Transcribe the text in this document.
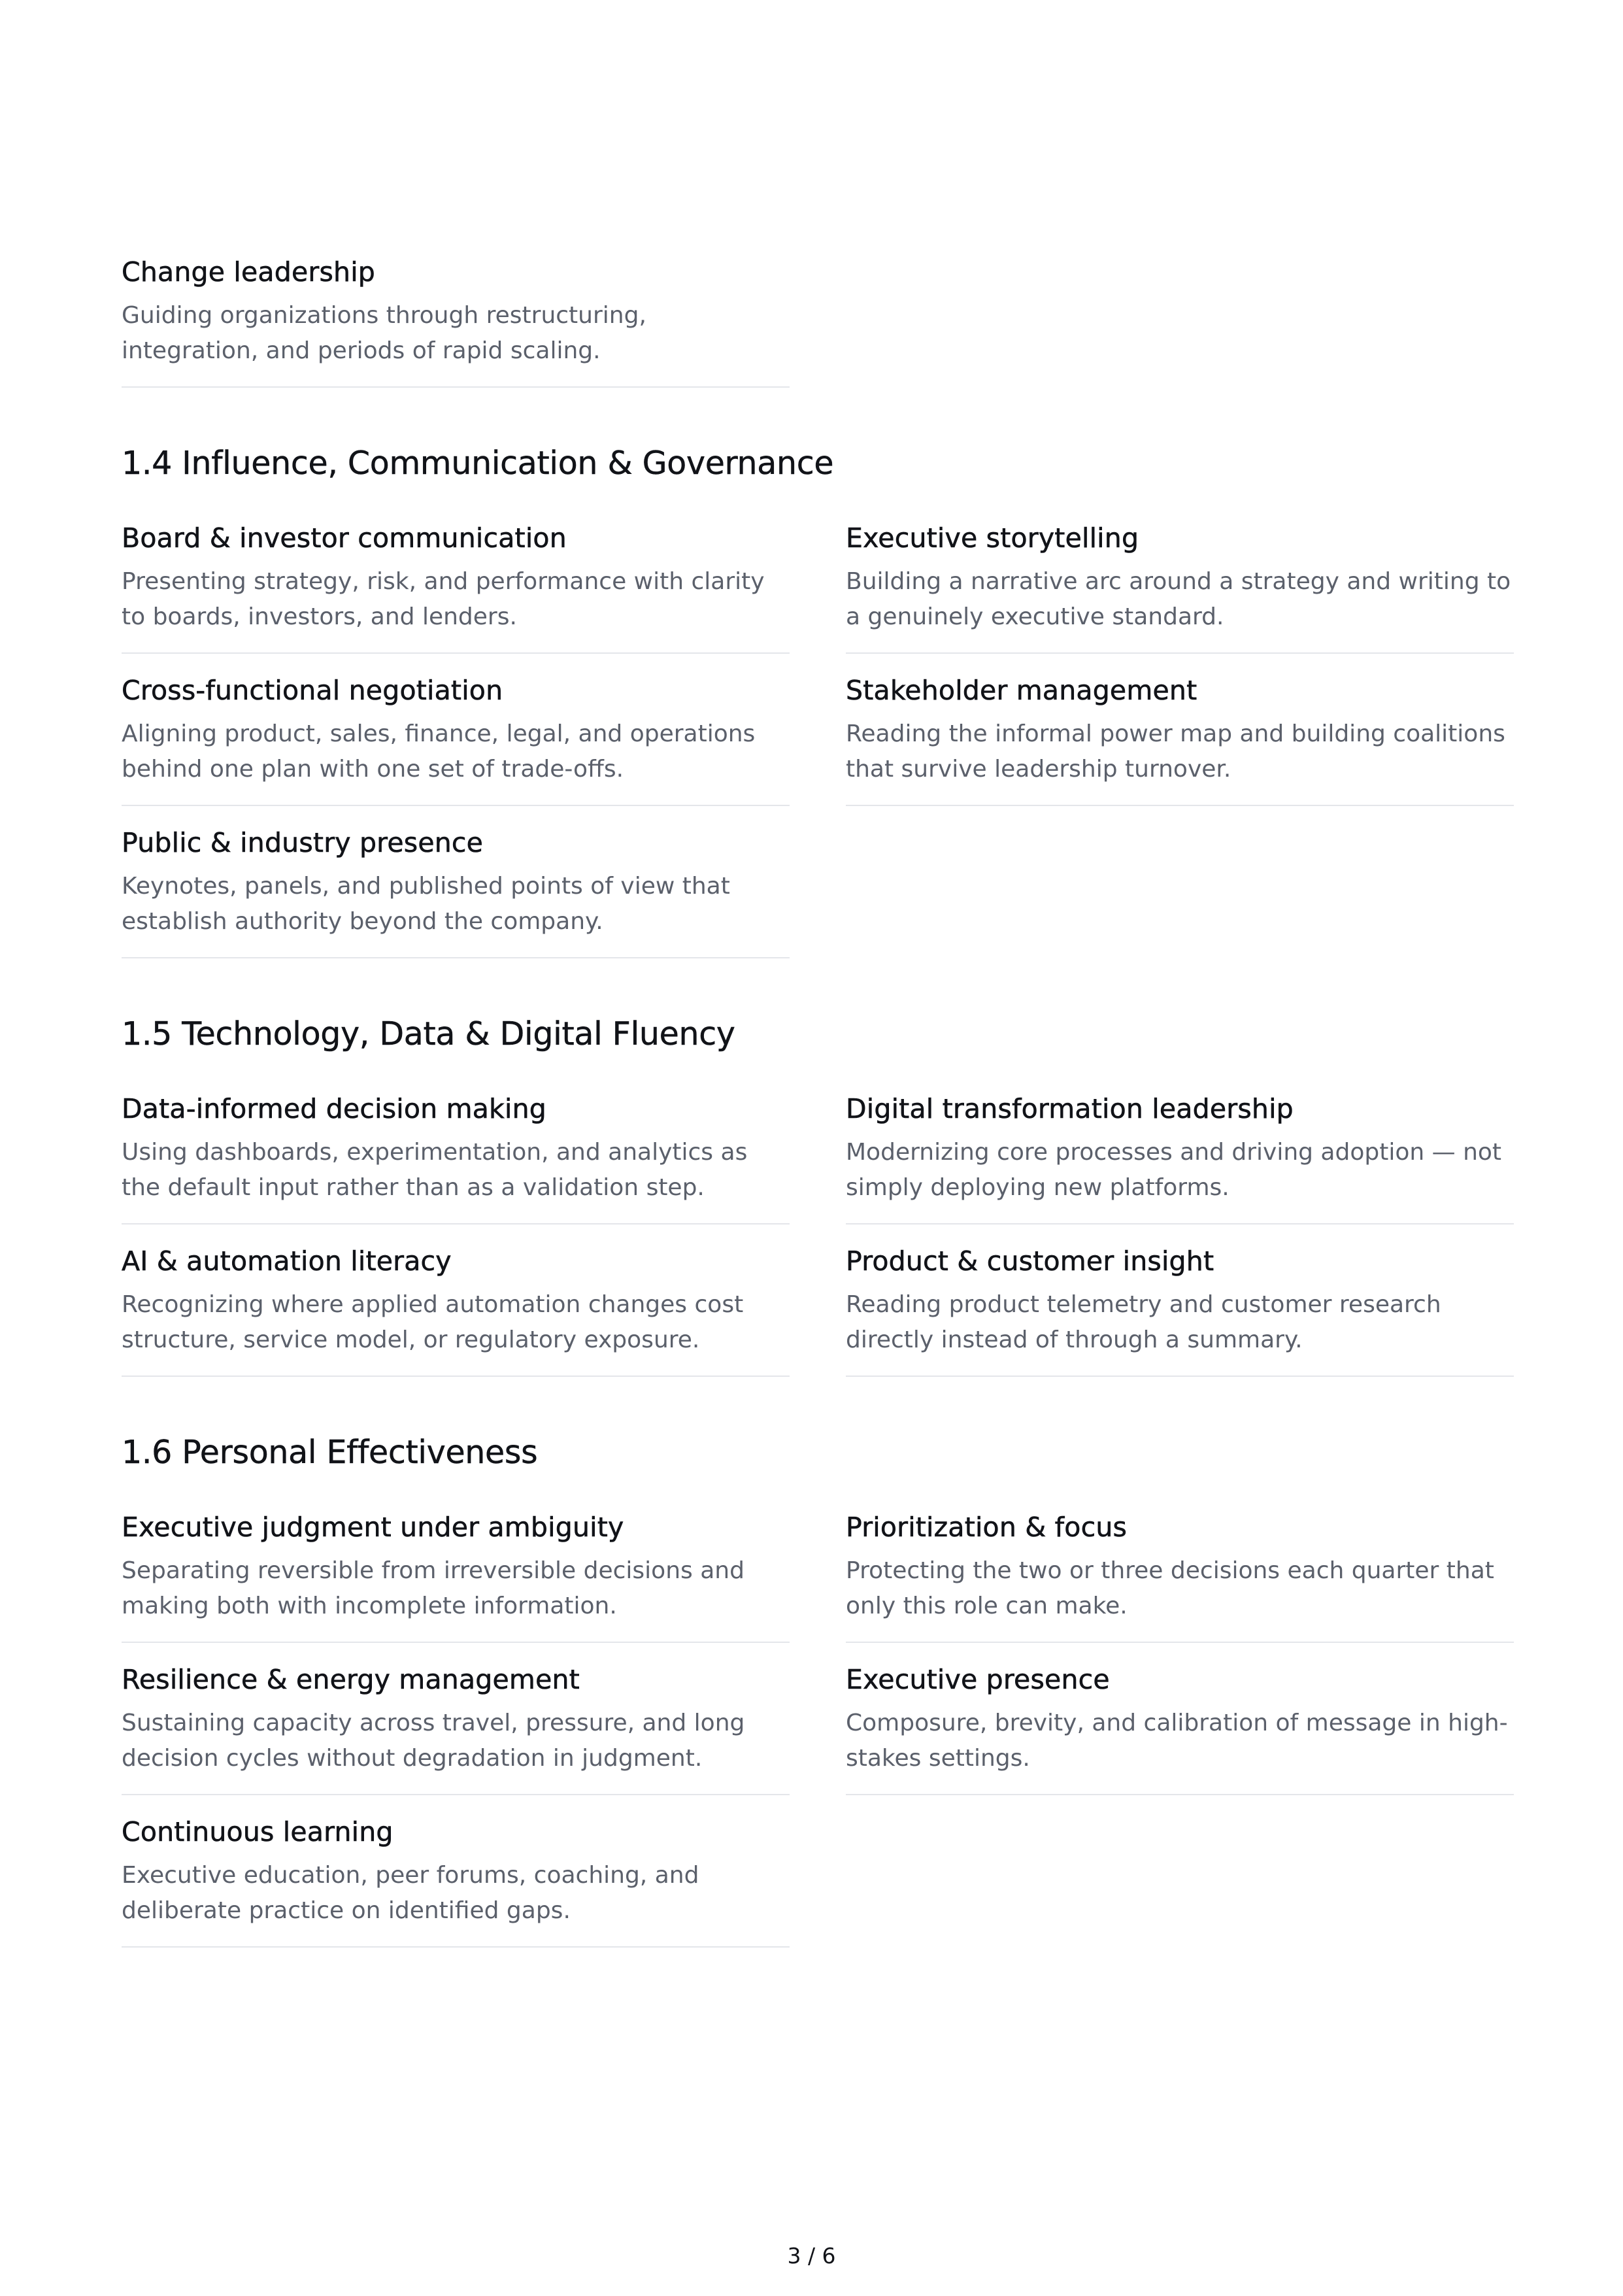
Change leadership
Guiding organizations through restructuring, integration, and periods of rapid scaling.
1.4 Influence, Communication & Governance
Board & investor communication
Presenting strategy, risk, and performance with clarity to boards, investors, and lenders.
Executive storytelling
Building a narrative arc around a strategy and writing to a genuinely executive standard.
Cross-functional negotiation
Aligning product, sales, finance, legal, and operations behind one plan with one set of trade-offs.
Stakeholder management
Reading the informal power map and building coalitions that survive leadership turnover.
Public & industry presence
Keynotes, panels, and published points of view that establish authority beyond the company.
1.5 Technology, Data & Digital Fluency
Data-informed decision making
Using dashboards, experimentation, and analytics as the default input rather than as a validation step.
Digital transformation leadership
Modernizing core processes and driving adoption — not simply deploying new platforms.
AI & automation literacy
Recognizing where applied automation changes cost structure, service model, or regulatory exposure.
Product & customer insight
Reading product telemetry and customer research directly instead of through a summary.
1.6 Personal Effectiveness
Executive judgment under ambiguity
Separating reversible from irreversible decisions and making both with incomplete information.
Prioritization & focus
Protecting the two or three decisions each quarter that only this role can make.
Resilience & energy management
Sustaining capacity across travel, pressure, and long decision cycles without degradation in judgment.
Executive presence
Composure, brevity, and calibration of message in high-stakes settings.
Continuous learning
Executive education, peer forums, coaching, and deliberate practice on identified gaps.
3 / 6
